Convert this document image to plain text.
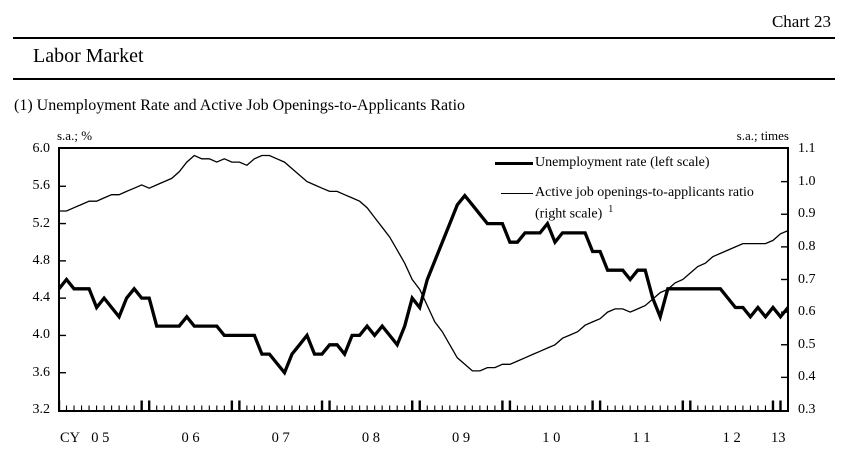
Chart 23
Labor Market
(1) Unemployment Rate and Active Job Openings-to-Applicants Ratio
s.a.; %	s.a.; times
Unemployment rate (left scale)
Active job openings-to-applicants ratio
(right scale) $^1$
CY
6.0
5.6
5.2
4.8
4.4
4.0
3.6
3.2
1.1
1.0
0.9
0.8
0.7
0.6
0.5
0.4
0.3
0 5	0 6	0 7	0 8	0 9	1 0	1 1	1 2	13
